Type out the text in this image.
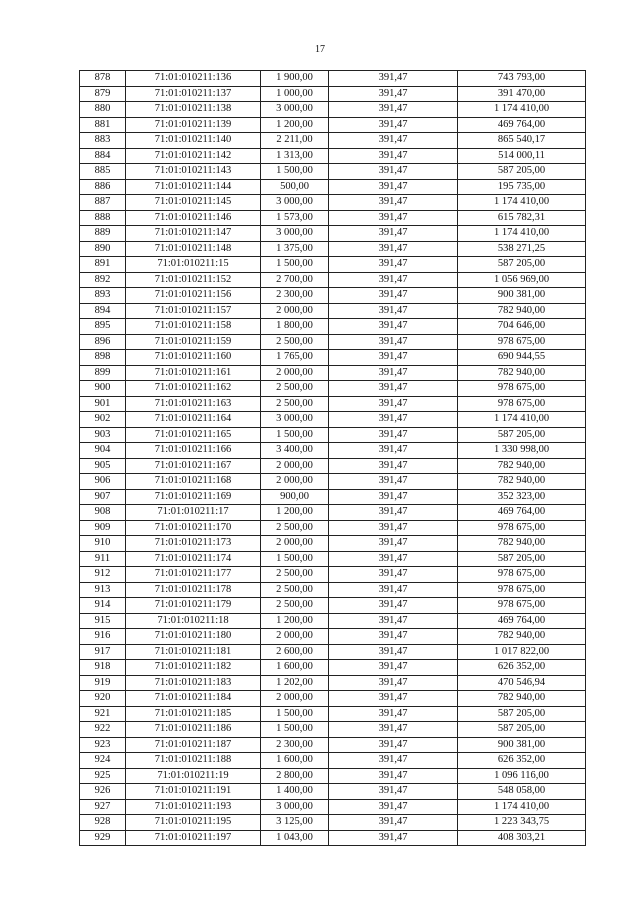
17
878	71:01:010211:136	1 900,00	391,47	743 793,00
879	71:01:010211:137	1 000,00	391,47	391 470,00
880	71:01:010211:138	3 000,00	391,47	1 174 410,00
881	71:01:010211:139	1 200,00	391,47	469 764,00
883	71:01:010211:140	2 211,00	391,47	865 540,17
884	71:01:010211:142	1 313,00	391,47	514 000,11
885	71:01:010211:143	1 500,00	391,47	587 205,00
886	71:01:010211:144	500,00	391,47	195 735,00
887	71:01:010211:145	3 000,00	391,47	1 174 410,00
888	71:01:010211:146	1 573,00	391,47	615 782,31
889	71:01:010211:147	3 000,00	391,47	1 174 410,00
890	71:01:010211:148	1 375,00	391,47	538 271,25
891	71:01:010211:15	1 500,00	391,47	587 205,00
892	71:01:010211:152	2 700,00	391,47	1 056 969,00
893	71:01:010211:156	2 300,00	391,47	900 381,00
894	71:01:010211:157	2 000,00	391,47	782 940,00
895	71:01:010211:158	1 800,00	391,47	704 646,00
896	71:01:010211:159	2 500,00	391,47	978 675,00
898	71:01:010211:160	1 765,00	391,47	690 944,55
899	71:01:010211:161	2 000,00	391,47	782 940,00
900	71:01:010211:162	2 500,00	391,47	978 675,00
901	71:01:010211:163	2 500,00	391,47	978 675,00
902	71:01:010211:164	3 000,00	391,47	1 174 410,00
903	71:01:010211:165	1 500,00	391,47	587 205,00
904	71:01:010211:166	3 400,00	391,47	1 330 998,00
905	71:01:010211:167	2 000,00	391,47	782 940,00
906	71:01:010211:168	2 000,00	391,47	782 940,00
907	71:01:010211:169	900,00	391,47	352 323,00
908	71:01:010211:17	1 200,00	391,47	469 764,00
909	71:01:010211:170	2 500,00	391,47	978 675,00
910	71:01:010211:173	2 000,00	391,47	782 940,00
911	71:01:010211:174	1 500,00	391,47	587 205,00
912	71:01:010211:177	2 500,00	391,47	978 675,00
913	71:01:010211:178	2 500,00	391,47	978 675,00
914	71:01:010211:179	2 500,00	391,47	978 675,00
915	71:01:010211:18	1 200,00	391,47	469 764,00
916	71:01:010211:180	2 000,00	391,47	782 940,00
917	71:01:010211:181	2 600,00	391,47	1 017 822,00
918	71:01:010211:182	1 600,00	391,47	626 352,00
919	71:01:010211:183	1 202,00	391,47	470 546,94
920	71:01:010211:184	2 000,00	391,47	782 940,00
921	71:01:010211:185	1 500,00	391,47	587 205,00
922	71:01:010211:186	1 500,00	391,47	587 205,00
923	71:01:010211:187	2 300,00	391,47	900 381,00
924	71:01:010211:188	1 600,00	391,47	626 352,00
925	71:01:010211:19	2 800,00	391,47	1 096 116,00
926	71:01:010211:191	1 400,00	391,47	548 058,00
927	71:01:010211:193	3 000,00	391,47	1 174 410,00
928	71:01:010211:195	3 125,00	391,47	1 223 343,75
929	71:01:010211:197	1 043,00	391,47	408 303,21
